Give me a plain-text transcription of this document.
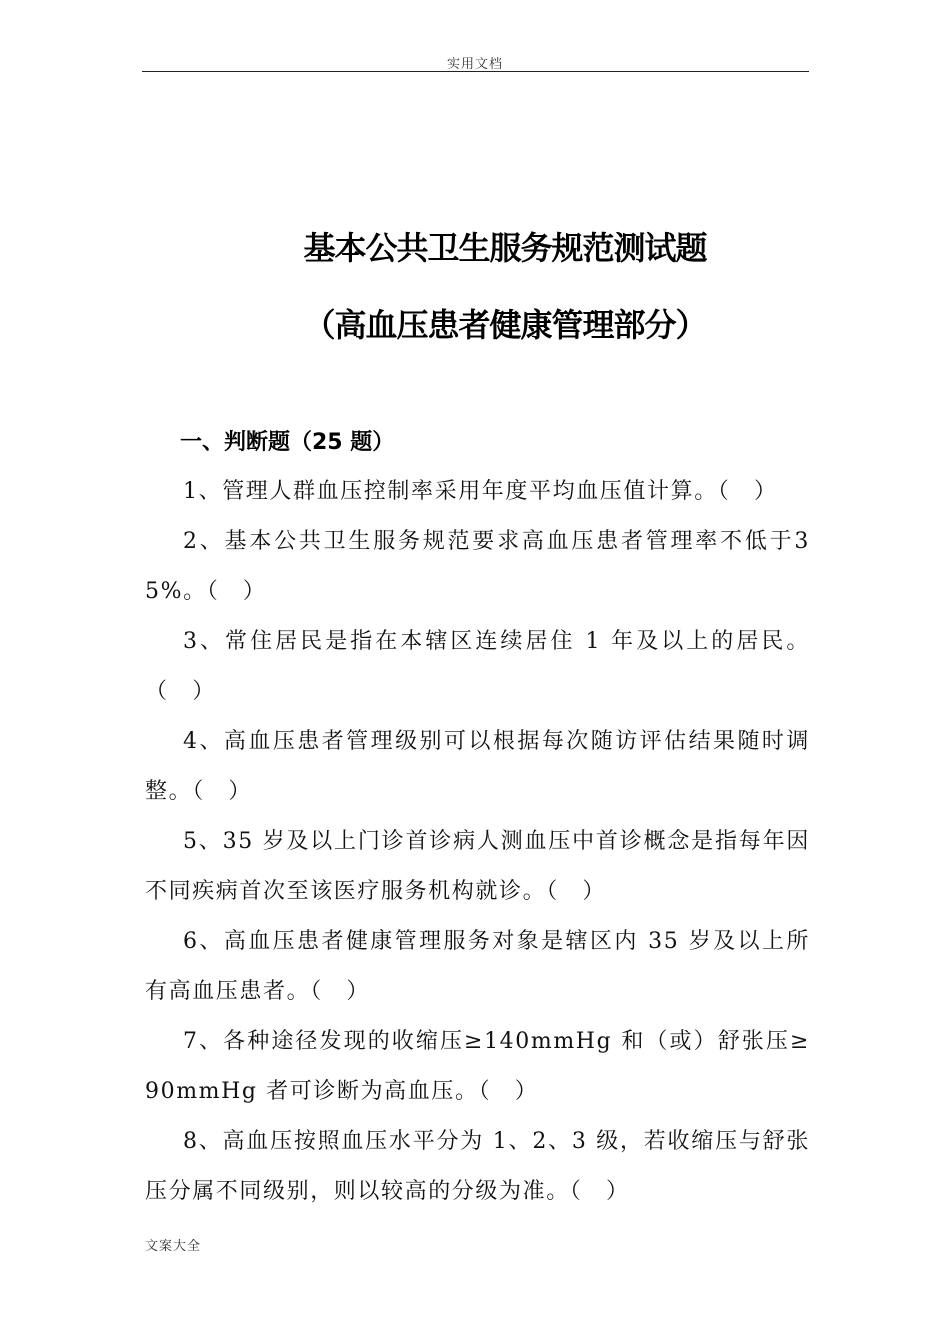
实用文档
基本公共卫生服务规范测试题
（高血压患者健康管理部分）
一、判断题（25 题）

1、管理人群血压控制率采用年度平均血压值计算。（　）

2、基本公共卫生服务规范要求高血压患者管理率不低于35%。（　）

3、常住居民是指在本辖区连续居住 1 年及以上的居民。（　）

4、高血压患者管理级别可以根据每次随访评估结果随时调整。（　）

5、35 岁及以上门诊首诊病人测血压中首诊概念是指每年因不同疾病首次至该医疗服务机构就诊。（　）

6、高血压患者健康管理服务对象是辖区内 35 岁及以上所有高血压患者。（　）

7、各种途径发现的收缩压≥140mmHg 和（或）舒张压≥90mmHg 者可诊断为高血压。（　）

8、高血压按照血压水平分为 1、2、3 级，若收缩压与舒张压分属不同级别，则以较高的分级为准。（　）

文案大全
